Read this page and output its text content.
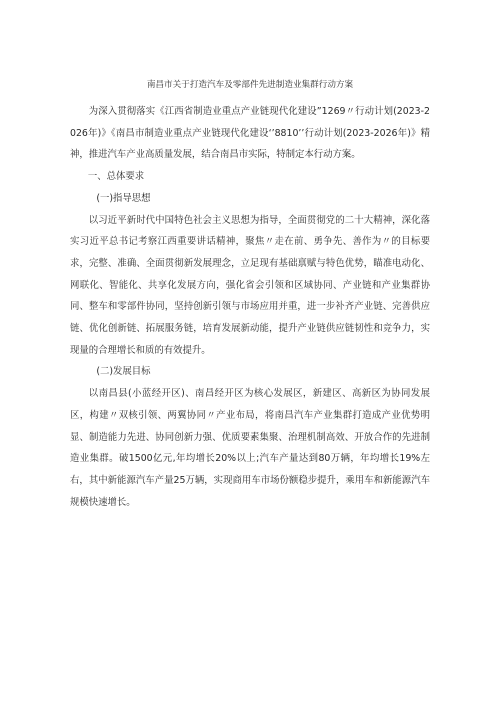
南昌市关于打造汽车及零部件先进制造业集群行动方案

为深入贯彻落实《江西省制造业重点产业链现代化建设”1269〃行动计划(2023-2026年)》《南昌市制造业重点产业链现代化建设‘’8810’’行动计划(2023-2026年)》精神，推进汽车产业高质量发展，结合南昌市实际，特制定本行动方案。

一、总体要求

(一)指导思想

以习近平新时代中国特色社会主义思想为指导，全面贯彻党的二十大精神，深化落实习近平总书记考察江西重要讲话精神，聚焦〃走在前、勇争先、善作为〃的目标要求，完整、准确、全面贯彻新发展理念，立足现有基础禀赋与特色优势，瞄准电动化、网联化、智能化、共享化发展方向，强化省会引领和区域协同、产业链和产业集群协同、整车和零部件协同，坚持创新引领与市场应用并重，进一步补齐产业链、完善供应链、优化创新链、拓展服务链，培育发展新动能，提升产业链供应链韧性和竞争力，实现量的合理增长和质的有效提升。

(二)发展目标

以南昌县(小蓝经开区)、南昌经开区为核心发展区，新建区、高新区为协同发展区，构建〃双核引领、两翼协同〃产业布局，将南昌汽车产业集群打造成产业优势明显、制造能力先进、协同创新力强、优质要素集聚、治理机制高效、开放合作的先进制造业集群。破1500亿元,年均增长20%以上;汽车产量达到80万辆，年均增长19%左右，其中新能源汽车产量25万辆，实现商用车市场份额稳步提升，乘用车和新能源汽车规模快速增长。
